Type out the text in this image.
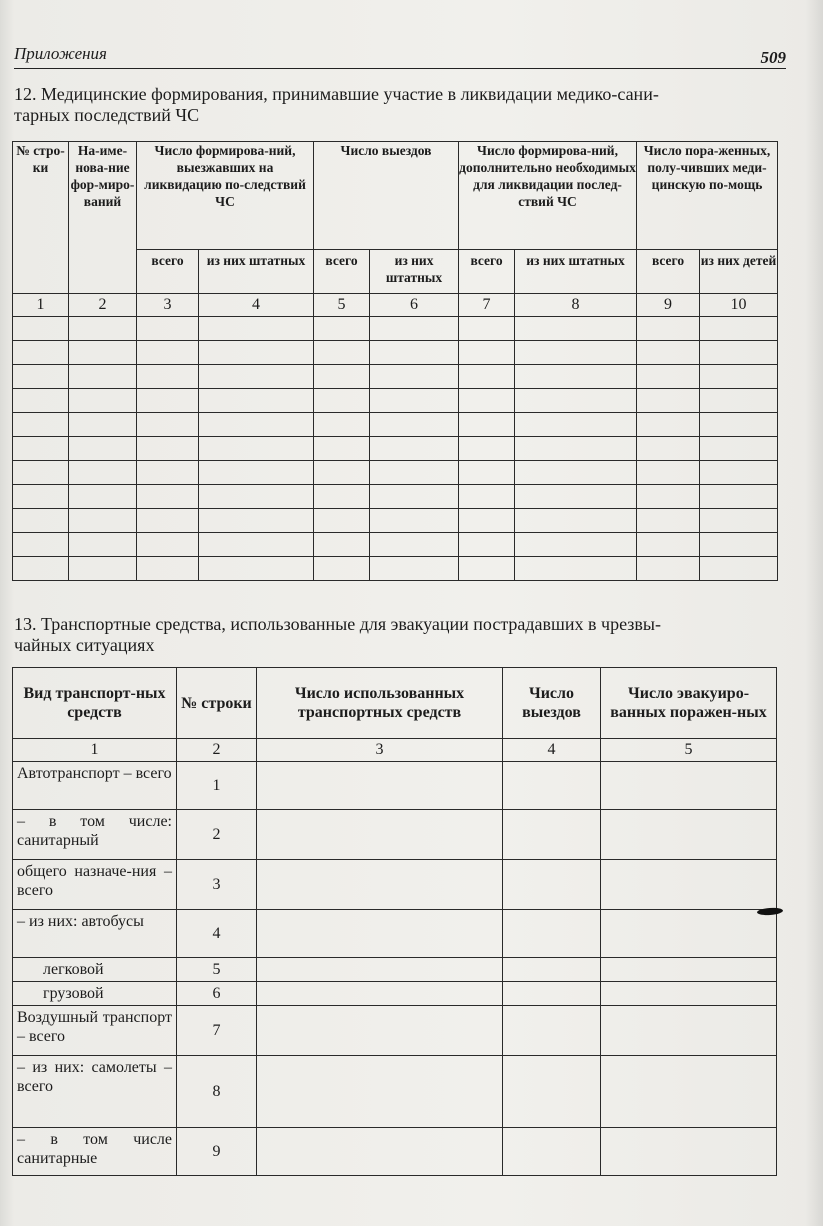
Приложения	509
12. Медицинские формирования, принимавшие участие в ликвидации медико-сани-
тарных последствий ЧС
№ стро-ки	На-име-нова-ние фор-миро-ваний	Число формирова-ний, выезжавших на ликвидацию по-следствий ЧС		Число выездов		Число формирова-ний, дополнительно необходимых для ликвидации послед-ствий ЧС		Число пора-женных, полу-чивших меди-цинскую по-мощь	
		всего	из них штатных	всего	из них штатных	всего	из них штатных	всего	из них детей
1	2	3	4	5	6	7	8	9	10

13. Транспортные средства, использованные для эвакуации пострадавших в чрезвы-
чайных ситуациях
Вид транспорт-ных средств	№ строки	Число использованных транспортных средств	Число выездов	Число эвакуиро-ванных поражен-ных
1	2	3	4	5
Автотранспорт – всего	1			
– в том числе: санитарный	2			
общего назначе-ния – всего	3			
– из них: автобусы	4			
легковой	5			
грузовой	6			
Воздушный транспорт – всего	7			
– из них: самолеты – всего	8			
– в том числе санитарные	9			
